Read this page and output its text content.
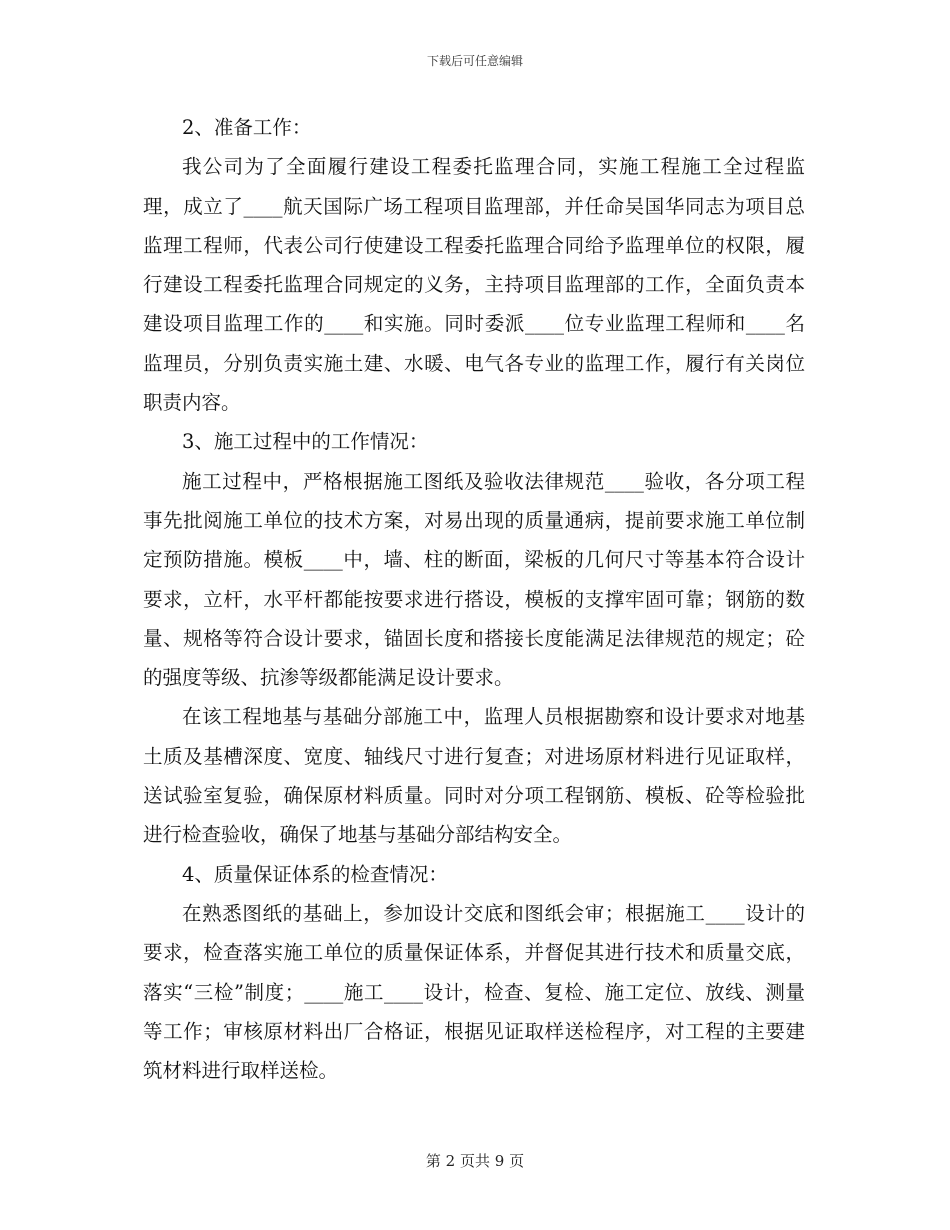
下载后可任意编辑

2、准备工作：

我公司为了全面履行建设工程委托监理合同，实施工程施工全过程监理，成立了____航天国际广场工程项目监理部，并任命吴国华同志为项目总监理工程师，代表公司行使建设工程委托监理合同给予监理单位的权限，履行建设工程委托监理合同规定的义务，主持项目监理部的工作，全面负责本建设项目监理工作的____和实施。同时委派____位专业监理工程师和____名监理员，分别负责实施土建、水暖、电气各专业的监理工作，履行有关岗位职责内容。

3、施工过程中的工作情况：

施工过程中，严格根据施工图纸及验收法律规范____验收，各分项工程事先批阅施工单位的技术方案，对易出现的质量通病，提前要求施工单位制定预防措施。模板____中，墙、柱的断面，梁板的几何尺寸等基本符合设计要求，立杆，水平杆都能按要求进行搭设，模板的支撑牢固可靠；钢筋的数量、规格等符合设计要求，锚固长度和搭接长度能满足法律规范的规定；砼的强度等级、抗渗等级都能满足设计要求。

在该工程地基与基础分部施工中，监理人员根据勘察和设计要求对地基土质及基槽深度、宽度、轴线尺寸进行复查；对进场原材料进行见证取样，送试验室复验，确保原材料质量。同时对分项工程钢筋、模板、砼等检验批进行检查验收，确保了地基与基础分部结构安全。

4、质量保证体系的检查情况：

在熟悉图纸的基础上，参加设计交底和图纸会审；根据施工____设计的要求，检查落实施工单位的质量保证体系，并督促其进行技术和质量交底，落实“三检”制度；____施工____设计，检查、复检、施工定位、放线、测量等工作；审核原材料出厂合格证，根据见证取样送检程序，对工程的主要建筑材料进行取样送检。

第 2 页共 9 页
